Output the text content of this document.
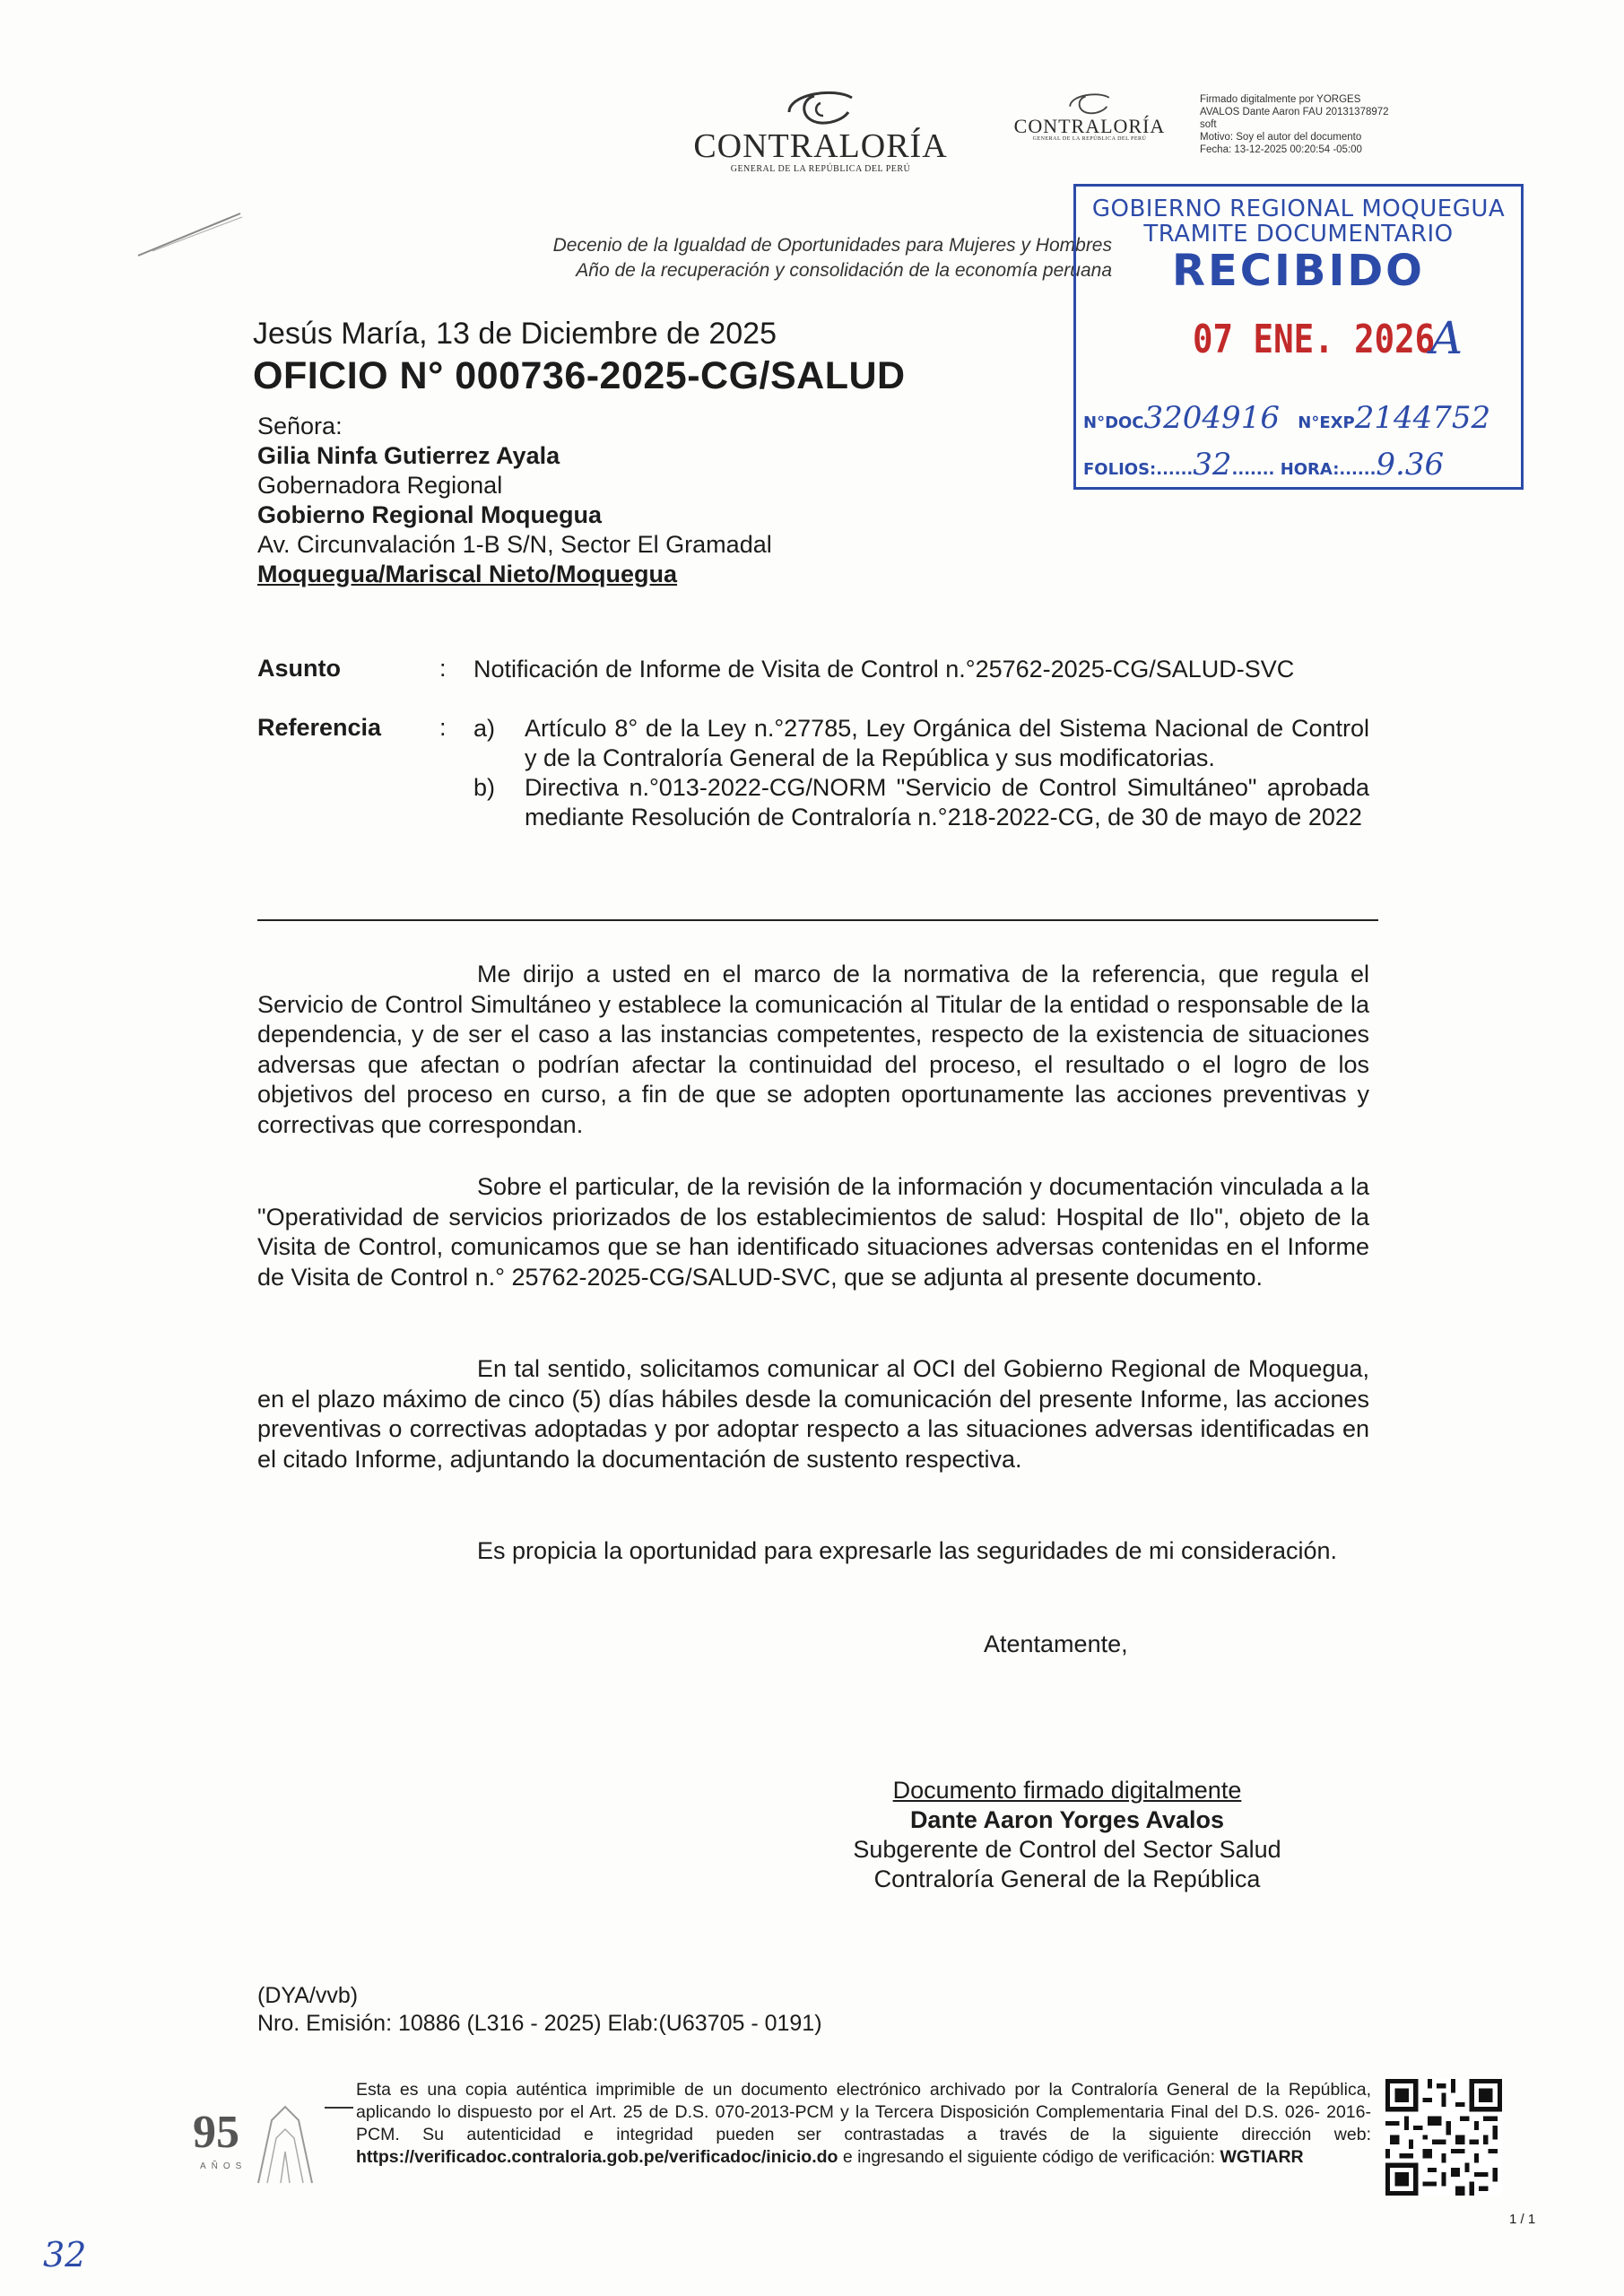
CONTRALORÍA
GENERAL DE LA REPÚBLICA DEL PERÚ
CONTRALORÍA
GENERAL DE LA REPÚBLICA DEL PERÚ
Firmado digitalmente por YORGES
AVALOS Dante Aaron FAU 20131378972
soft
Motivo: Soy el autor del documento
Fecha: 13-12-2025 00:20:54 -05:00
Decenio de la Igualdad de Oportunidades para Mujeres y Hombres
Año de la recuperación y consolidación de la economía peruana
GOBIERNO REGIONAL MOQUEGUA
TRAMITE DOCUMENTARIO
RECIBIDO
07 ENE. 2026
A
N°DOC3204916 N°EXP2144752
FOLIOS:......32....... HORA:......9.36
Jesús María, 13 de Diciembre de 2025
OFICIO N° 000736-2025-CG/SALUD
Señora:
Gilia Ninfa Gutierrez Ayala
Gobernadora Regional
Gobierno Regional Moquegua
Av. Circunvalación 1-B S/N, Sector El Gramadal
Moquegua/Mariscal Nieto/Moquegua
Asunto	: Notificación de Informe de Visita de Control n.°25762-2025-CG/SALUD-SVC
Referencia : a) Artículo 8° de la Ley n.°27785, Ley Orgánica del Sistema Nacional de Control y de la Contraloría General de la República y sus modificatorias.
b) Directiva n.°013-2022-CG/NORM "Servicio de Control Simultáneo" aprobada mediante Resolución de Contraloría n.°218-2022-CG, de 30 de mayo de 2022
Me dirijo a usted en el marco de la normativa de la referencia, que regula el Servicio de Control Simultáneo y establece la comunicación al Titular de la entidad o responsable de la dependencia, y de ser el caso a las instancias competentes, respecto de la existencia de situaciones adversas que afectan o podrían afectar la continuidad del proceso, el resultado o el logro de los objetivos del proceso en curso, a fin de que se adopten oportunamente las acciones preventivas y correctivas que correspondan.
Sobre el particular, de la revisión de la información y documentación vinculada a la "Operatividad de servicios priorizados de los establecimientos de salud: Hospital de Ilo", objeto de la Visita de Control, comunicamos que se han identificado situaciones adversas contenidas en el Informe de Visita de Control n.° 25762-2025-CG/SALUD-SVC, que se adjunta al presente documento.
En tal sentido, solicitamos comunicar al OCI del Gobierno Regional de Moquegua, en el plazo máximo de cinco (5) días hábiles desde la comunicación del presente Informe, las acciones preventivas o correctivas adoptadas y por adoptar respecto a las situaciones adversas identificadas en el citado Informe, adjuntando la documentación de sustento respectiva.
Es propicia la oportunidad para expresarle las seguridades de mi consideración.
Atentamente,
Documento firmado digitalmente
Dante Aaron Yorges Avalos
Subgerente de Control del Sector Salud
Contraloría General de la República
(DYA/vvb)
Nro. Emisión: 10886 (L316 - 2025) Elab:(U63705 - 0191)
95
AÑOS
Esta es una copia auténtica imprimible de un documento electrónico archivado por la Contraloría General de la República, aplicando lo dispuesto por el Art. 25 de D.S. 070-2013-PCM y la Tercera Disposición Complementaria Final del D.S. 026- 2016-PCM. Su autenticidad e integridad pueden ser contrastadas a través de la siguiente dirección web: https://verificadoc.contraloria.gob.pe/verificadoc/inicio.do e ingresando el siguiente código de verificación: WGTIARR
1 / 1
32
